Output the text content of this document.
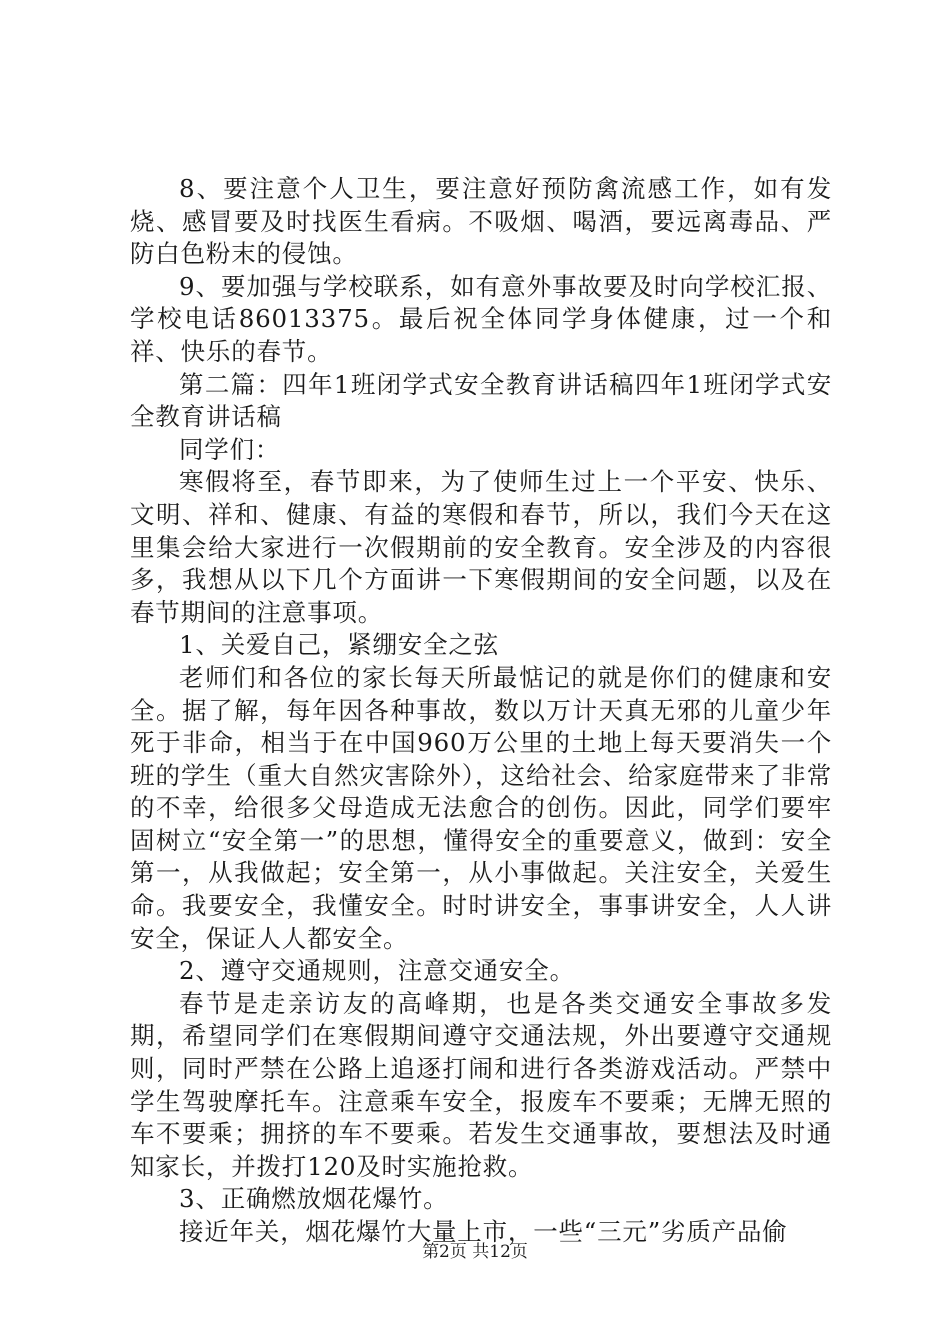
8、要注意个人卫生，要注意好预防禽流感工作，如有发烧、感冒要及时找医生看病。不吸烟、喝酒，要远离毒品、严防白色粉末的侵蚀。

9、要加强与学校联系，如有意外事故要及时向学校汇报、学校电话86013375。最后祝全体同学身体健康，过一个和祥、快乐的春节。

第二篇：四年1班闭学式安全教育讲话稿四年1班闭学式安全教育讲话稿

同学们：

寒假将至，春节即来，为了使师生过上一个平安、快乐、文明、祥和、健康、有益的寒假和春节，所以，我们今天在这里集会给大家进行一次假期前的安全教育。安全涉及的内容很多，我想从以下几个方面讲一下寒假期间的安全问题，以及在春节期间的注意事项。

1、关爱自己，紧绷安全之弦

老师们和各位的家长每天所最惦记的就是你们的健康和安全。据了解，每年因各种事故，数以万计天真无邪的儿童少年死于非命，相当于在中国960万公里的土地上每天要消失一个班的学生（重大自然灾害除外），这给社会、给家庭带来了非常的不幸，给很多父母造成无法愈合的创伤。因此，同学们要牢固树立“安全第一”的思想，懂得安全的重要意义，做到：安全第一，从我做起；安全第一，从小事做起。关注安全，关爱生命。我要安全，我懂安全。时时讲安全，事事讲安全，人人讲安全，保证人人都安全。

2、遵守交通规则，注意交通安全。

春节是走亲访友的高峰期，也是各类交通安全事故多发期，希望同学们在寒假期间遵守交通法规，外出要遵守交通规则，同时严禁在公路上追逐打闹和进行各类游戏活动。严禁中学生驾驶摩托车。注意乘车安全，报废车不要乘；无牌无照的车不要乘；拥挤的车不要乘。若发生交通事故，要想法及时通知家长，并拨打120及时实施抢救。

3、正确燃放烟花爆竹。

接近年关，烟花爆竹大量上市，一些“三元”劣质产品偷

第2页 共12页
